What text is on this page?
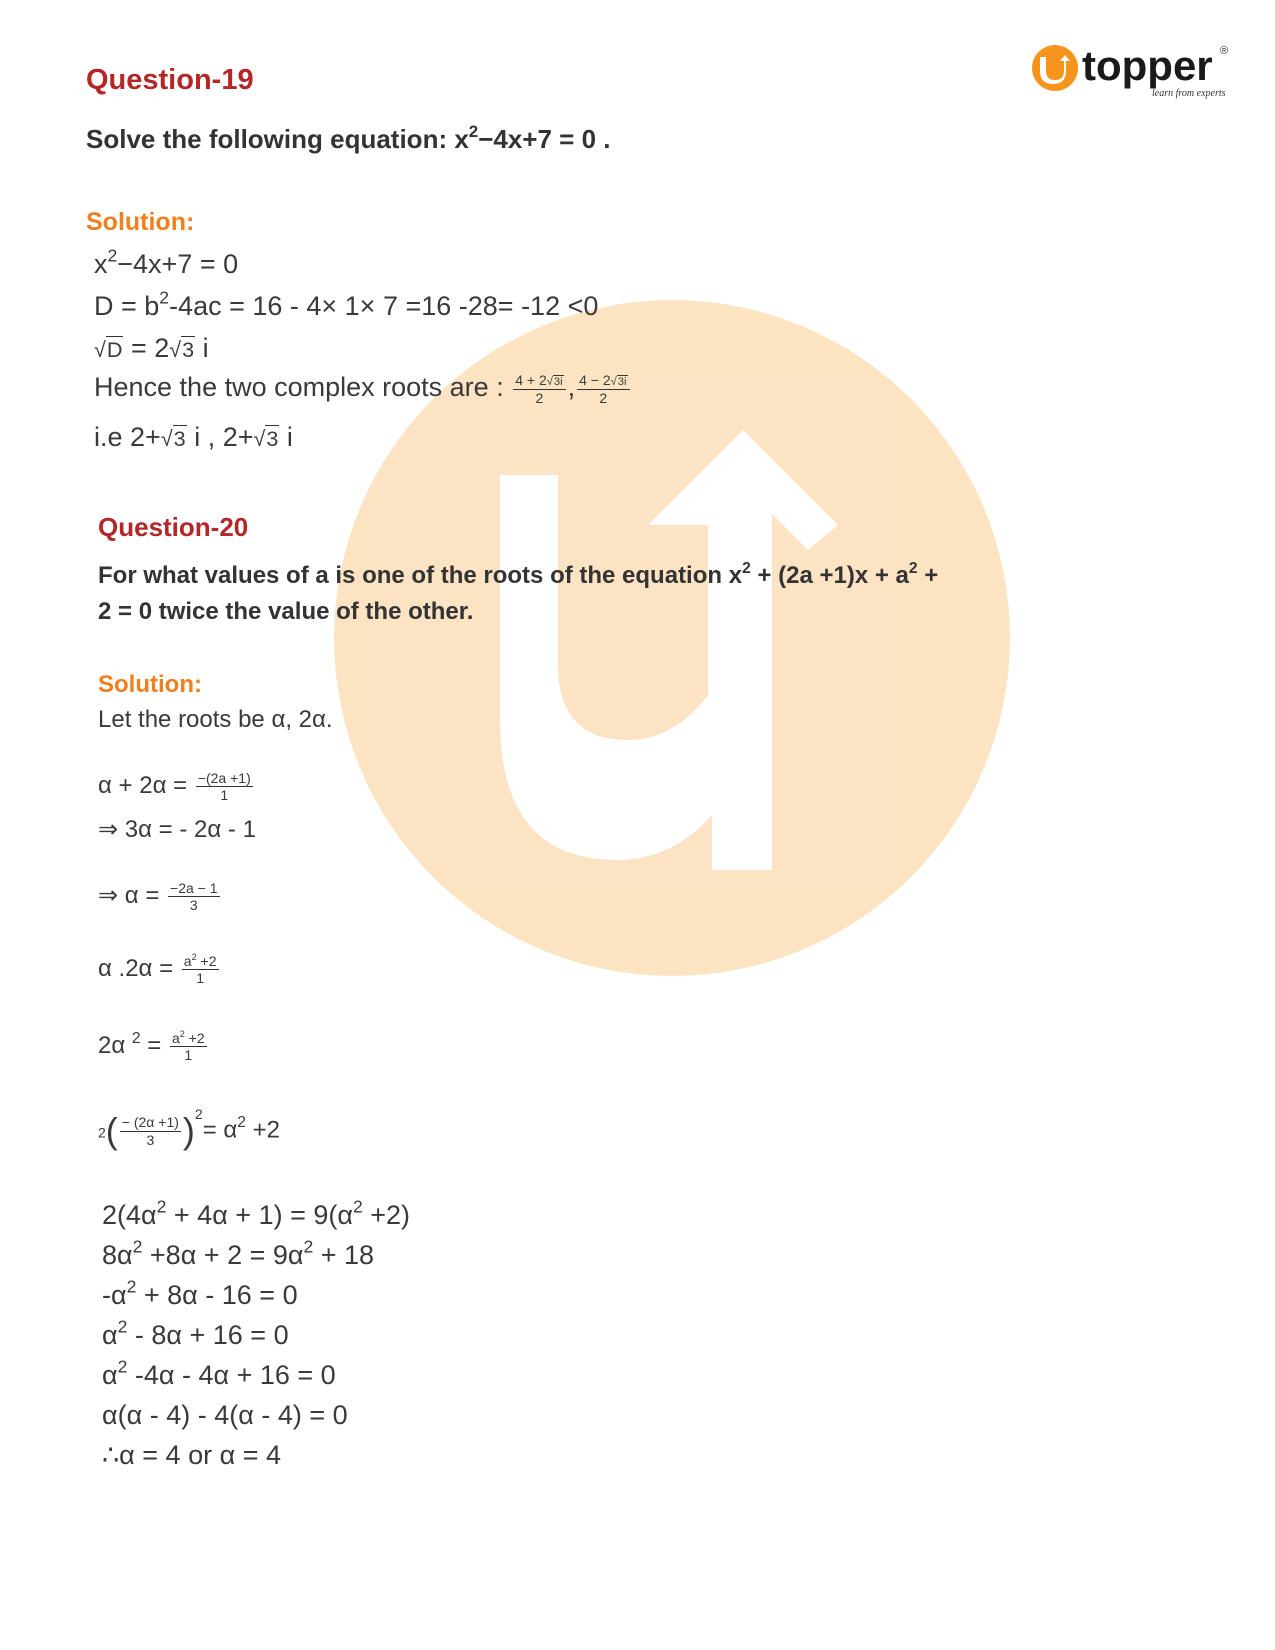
topper ®
learn from experts
Question-19
Solve the following equation: $x^2-4x+7 = 0$ .
Solution:
$x^2-4x+7 = 0$
$D = b^2-4ac = 16 - 4\times 1\times 7 =16$ -28= -12 <0
√D = 2√3 i
Hence the two complex roots are : $\frac{4 + 2√3i}{2}$ , $\frac{4 - 2√3i}{2}$
i.e 2+√3 i , 2+√3 i
Question-20
For what values of a is one of the roots of the equation $x^2 + (2a +1)x + a^2$ +
2 = 0 twice the value of the other.
Solution:
Let the roots be α, 2α.
$\alpha + 2\alpha = \frac{-(2a +1)}{1}$
⇒ 3α = - 2α - 1
⇒ $\alpha = \frac{-2a - 1}{3}$
α $.2\alpha = \frac{a^2 +2}{1}$
2α $^2 = \frac{a^2 +2}{1}$
$2( \frac{- (2\alpha +1)}{3} )^2= \alpha^2 +2$
$2(4\alpha^2 + 4\alpha + 1) = 9(\alpha^2 +2)$
$8\alpha^2 +8\alpha + 2 = 9\alpha^2 + 18$
$-\alpha^2 + 8\alpha - 16 = 0$
$\alpha^2 - 8\alpha + 16 = 0$
$\alpha^2$ -4α - 4α + 16 = 0
α(α - 4) - 4(α - 4) = 0
∴α = 4 or α = 4
